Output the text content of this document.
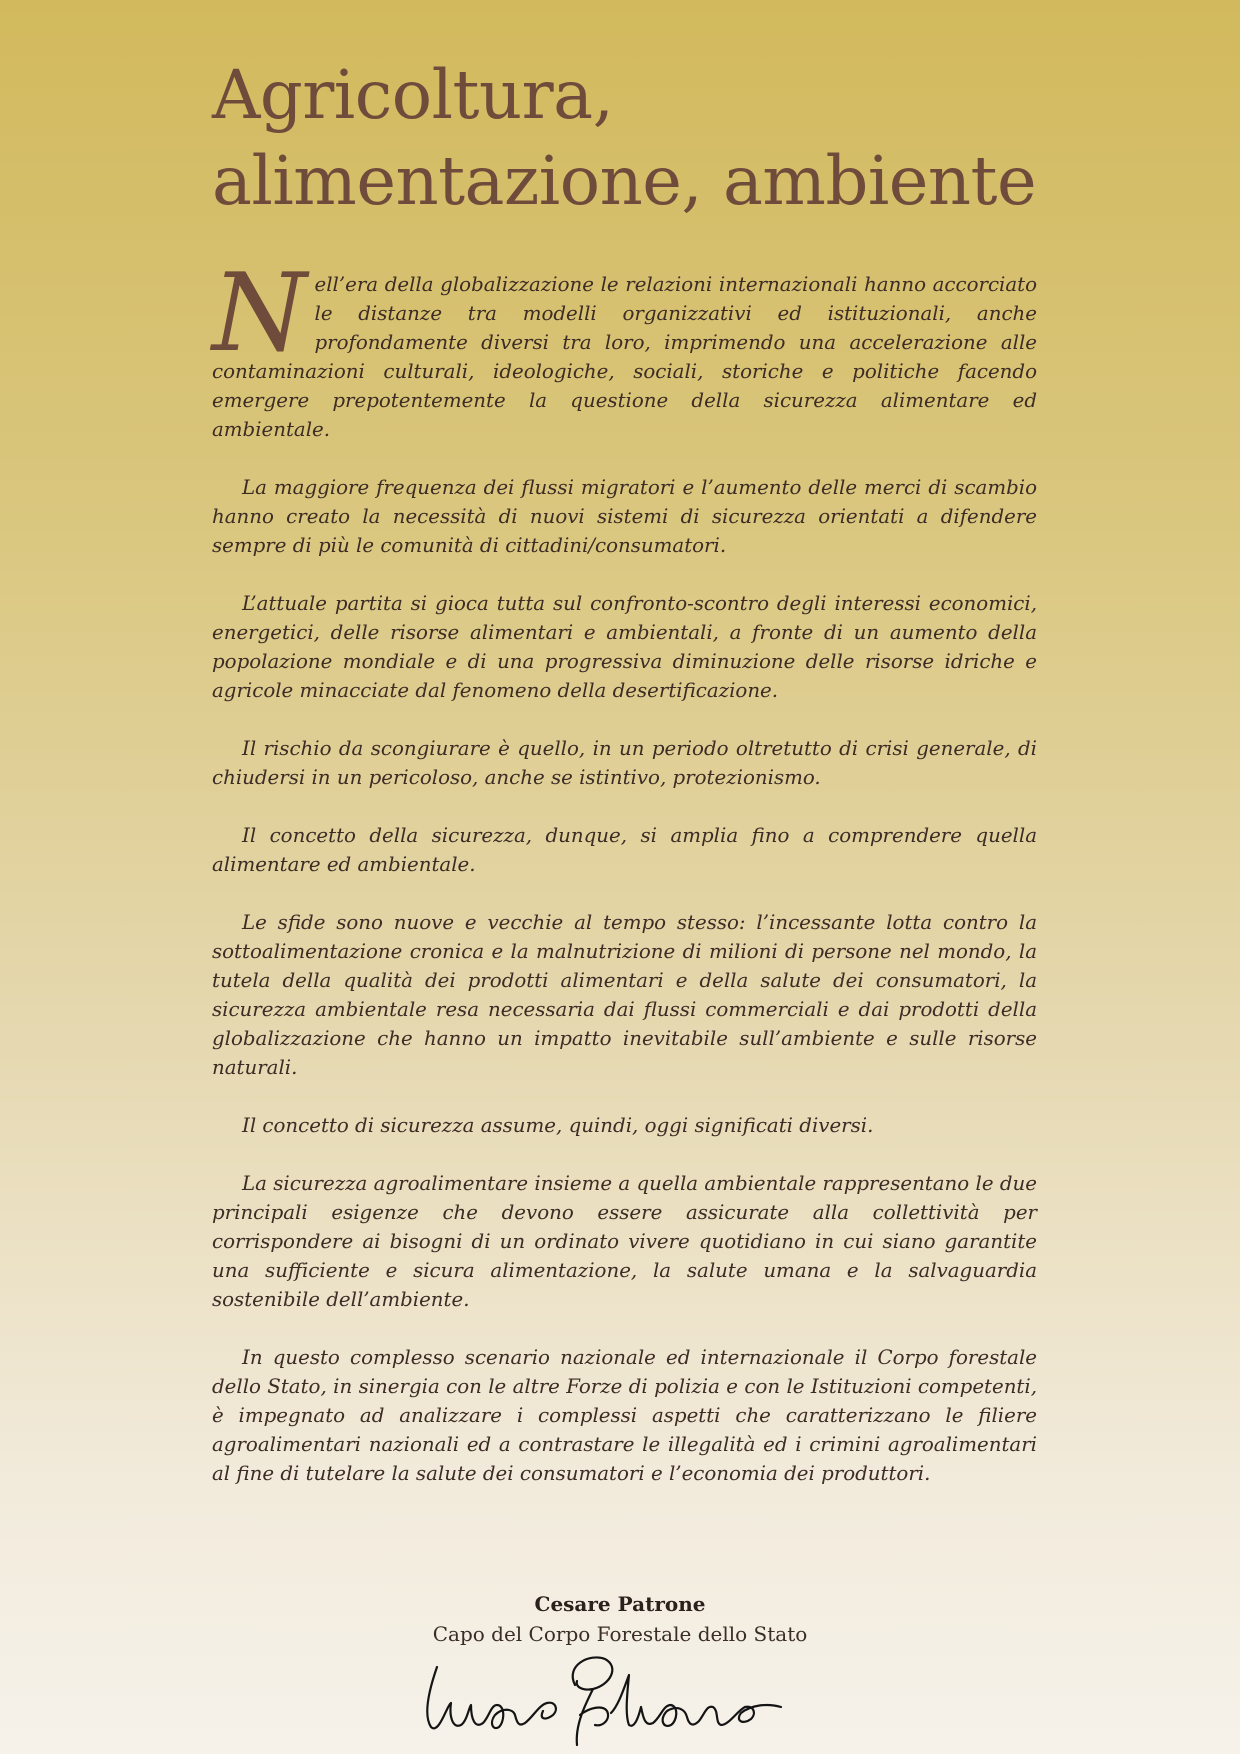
Agricoltura,
alimentazione, ambiente

Nell’era della globalizzazione le relazioni internazionali hanno accorciato le distanze tra modelli organizzativi ed istituzionali, anche profondamente diversi tra loro, imprimendo una accelerazione alle contaminazioni culturali, ideologiche, sociali, storiche e politiche facendo emergere prepotentemente la questione della sicurezza alimentare ed ambientale.

La maggiore frequenza dei flussi migratori e l’aumento delle merci di scambio hanno creato la necessità di nuovi sistemi di sicurezza orientati a difendere sempre di più le comunità di cittadini/consumatori.

L’attuale partita si gioca tutta sul confronto-scontro degli interessi economici, energetici, delle risorse alimentari e ambientali, a fronte di un aumento della popolazione mondiale e di una progressiva diminuzione delle risorse idriche e agricole minacciate dal fenomeno della desertificazione.

Il rischio da scongiurare è quello, in un periodo oltretutto di crisi generale, di chiudersi in un pericoloso, anche se istintivo, protezionismo.

Il concetto della sicurezza, dunque, si amplia fino a comprendere quella alimentare ed ambientale.

Le sfide sono nuove e vecchie al tempo stesso: l’incessante lotta contro la sottoalimentazione cronica e la malnutrizione di milioni di persone nel mondo, la tutela della qualità dei prodotti alimentari e della salute dei consumatori, la sicurezza ambientale resa necessaria dai flussi commerciali e dai prodotti della globalizzazione che hanno un impatto inevitabile sull’ambiente e sulle risorse naturali.

Il concetto di sicurezza assume, quindi, oggi significati diversi.

La sicurezza agroalimentare insieme a quella ambientale rappresentano le due principali esigenze che devono essere assicurate alla collettività per corrispondere ai bisogni di un ordinato vivere quotidiano in cui siano garantite una sufficiente e sicura alimentazione, la salute umana e la salvaguardia sostenibile dell’ambiente.

In questo complesso scenario nazionale ed internazionale il Corpo forestale dello Stato, in sinergia con le altre Forze di polizia e con le Istituzioni competenti, è impegnato ad analizzare i complessi aspetti che caratterizzano le filiere agroalimentari nazionali ed a contrastare le illegalità ed i crimini agroalimentari al fine di tutelare la salute dei consumatori e l’economia dei produttori.

Cesare Patrone
Capo del Corpo Forestale dello Stato
